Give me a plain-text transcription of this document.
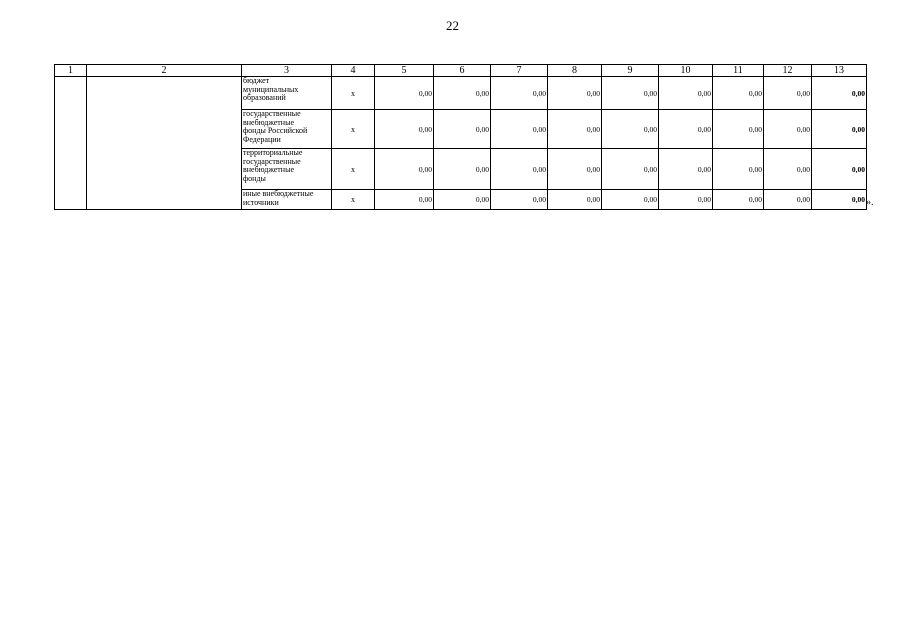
22
1	2	3	4	5	6	7	8	9	10	11	12	13

		бюджет
муниципальных
образований	x	0,00	0,00	0,00	0,00	0,00	0,00	0,00	0,00	0,00

		государственные
внебюджетные
фонды Российской
Федерации	x	0,00	0,00	0,00	0,00	0,00	0,00	0,00	0,00	0,00

		территориальные
государственные
внебюджетные
фонды	x	0,00	0,00	0,00	0,00	0,00	0,00	0,00	0,00	0,00

		иные внебюджетные
источники	x	0,00	0,00	0,00	0,00	0,00	0,00	0,00	0,00	0,00 ».
